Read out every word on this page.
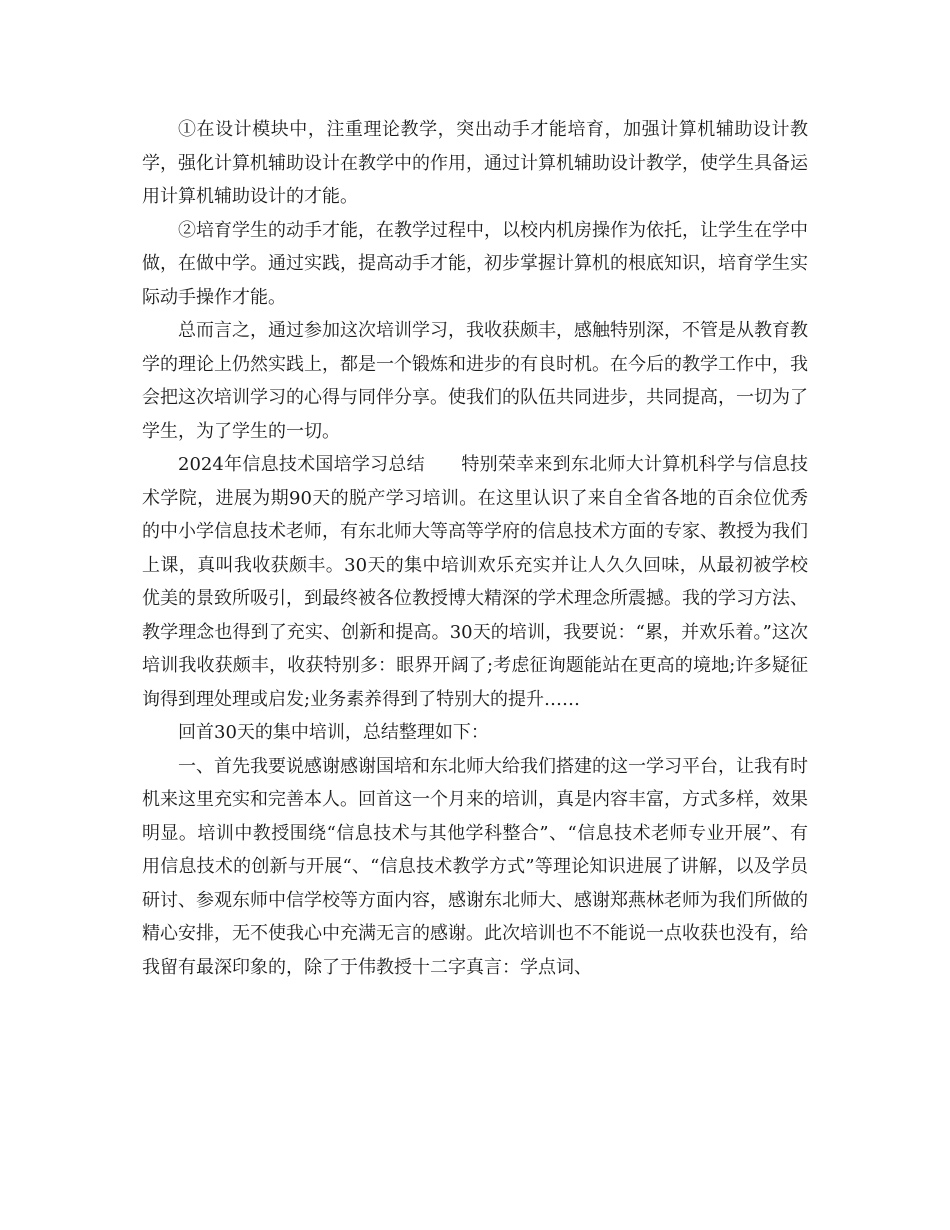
①在设计模块中，注重理论教学，突出动手才能培育，加强计算机辅助设计教学，强化计算机辅助设计在教学中的作用，通过计算机辅助设计教学，使学生具备运用计算机辅助设计的才能。

②培育学生的动手才能，在教学过程中，以校内机房操作为依托，让学生在学中做，在做中学。通过实践，提高动手才能，初步掌握计算机的根底知识，培育学生实际动手操作才能。

总而言之，通过参加这次培训学习，我收获颇丰，感触特别深，不管是从教育教学的理论上仍然实践上，都是一个锻炼和进步的有良时机。在今后的教学工作中，我会把这次培训学习的心得与同伴分享。使我们的队伍共同进步，共同提高，一切为了学生，为了学生的一切。

2024年信息技术国培学习总结　　特别荣幸来到东北师大计算机科学与信息技术学院，进展为期90天的脱产学习培训。在这里认识了来自全省各地的百余位优秀的中小学信息技术老师，有东北师大等高等学府的信息技术方面的专家、教授为我们上课，真叫我收获颇丰。30天的集中培训欢乐充实并让人久久回味，从最初被学校优美的景致所吸引，到最终被各位教授博大精深的学术理念所震撼。我的学习方法、教学理念也得到了充实、创新和提高。30天的培训，我要说：“累，并欢乐着。”这次培训我收获颇丰，收获特别多：眼界开阔了;考虑征询题能站在更高的境地;许多疑征询得到理处理或启发;业务素养得到了特别大的提升……

回首30天的集中培训，总结整理如下：

一、首先我要说感谢感谢国培和东北师大给我们搭建的这一学习平台，让我有时机来这里充实和完善本人。回首这一个月来的培训，真是内容丰富，方式多样，效果明显。培训中教授围绕“信息技术与其他学科整合”、“信息技术老师专业开展”、有用信息技术的创新与开展“、“信息技术教学方式”等理论知识进展了讲解，以及学员研讨、参观东师中信学校等方面内容，感谢东北师大、感谢郑燕林老师为我们所做的精心安排，无不使我心中充满无言的感谢。此次培训也不不能说一点收获也没有，给我留有最深印象的，除了于伟教授十二字真言：学点词、
